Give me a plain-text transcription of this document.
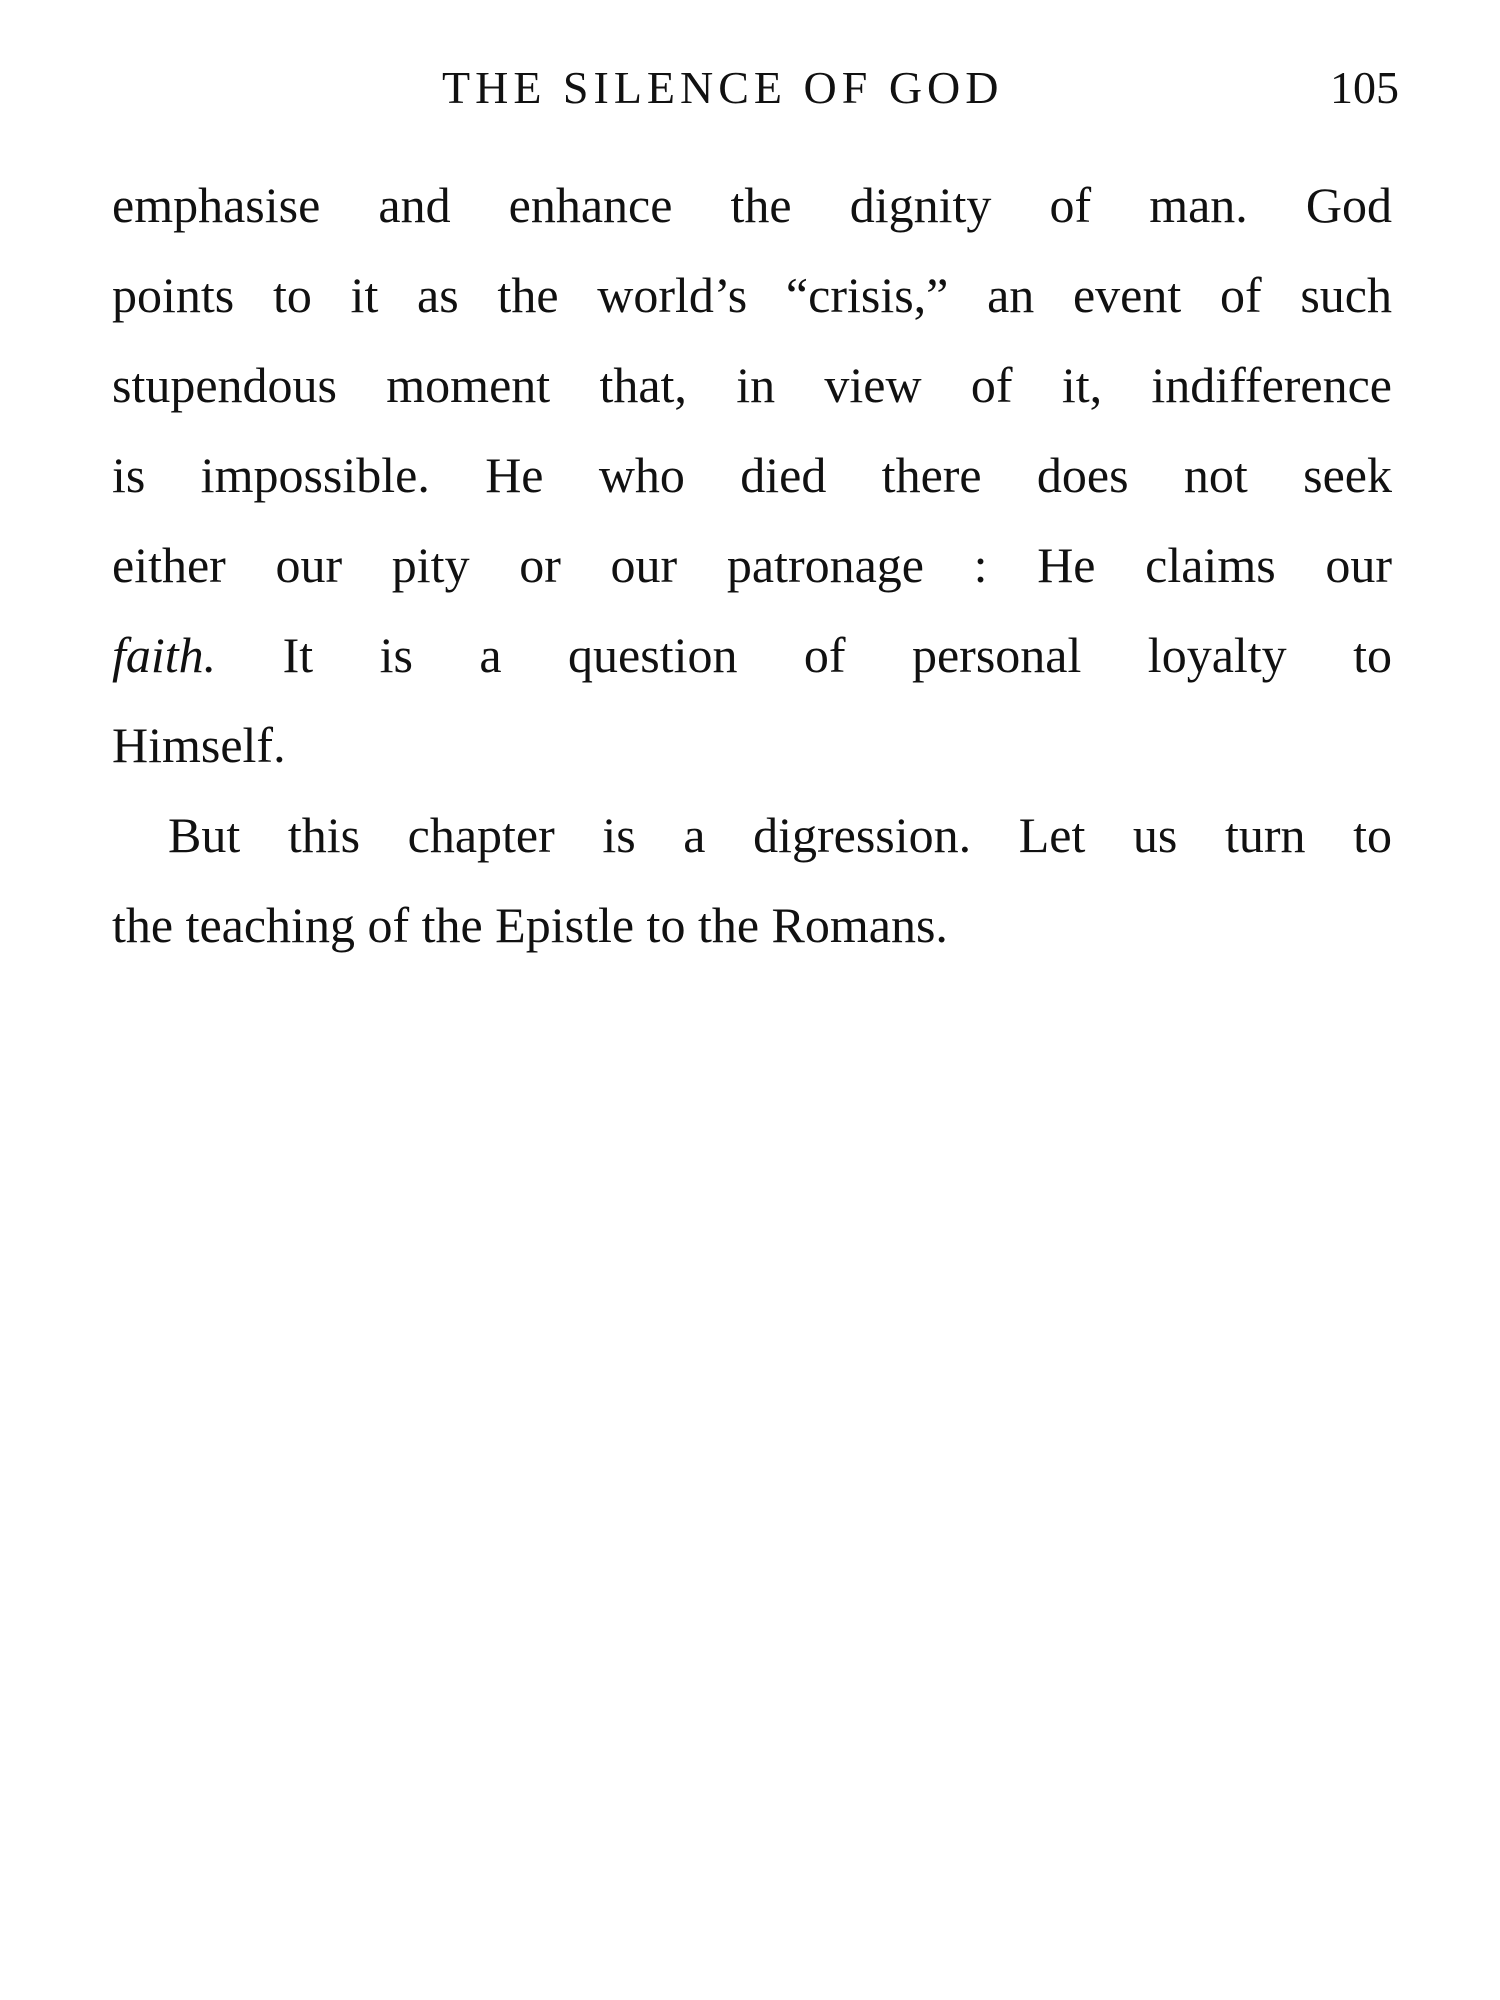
THE SILENCE OF GOD	105
emphasise and enhance the dignity of man. God
points to it as the world’s “crisis,” an event of such
stupendous moment that, in view of it, indifference
is impossible. He who died there does not seek
either our pity or our patronage : He claims our
faith. It is a question of personal loyalty to
Himself.
But this chapter is a digression. Let us turn to
the teaching of the Epistle to the Romans.
